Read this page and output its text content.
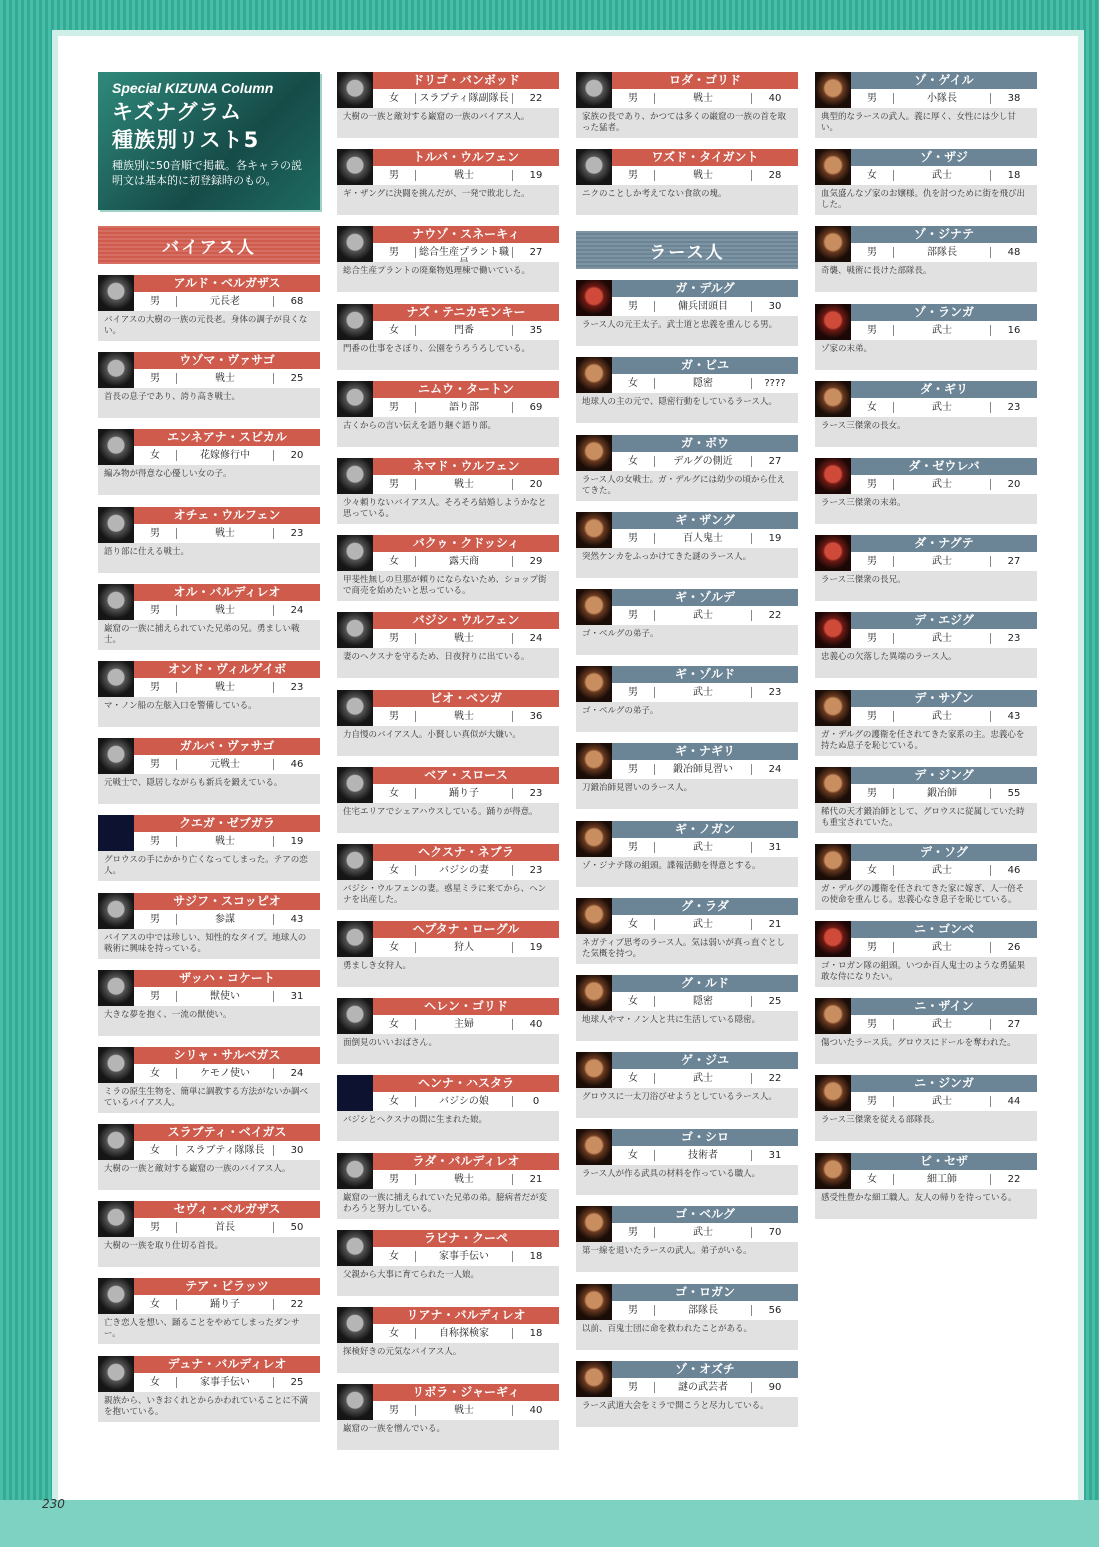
230
Special KIZUNA Column
キズナグラム
種族別リスト5
種族別に50音順で掲載。各キャラの説明文は基本的に初登録時のもの。
バイアス人
アルド・ベルガザス
男	元長老	68
バイアスの大樹の一族の元長老。身体の調子が良くない。
ウゾマ・ヴァサゴ
男	戦士	25
首長の息子であり、誇り高き戦士。
エンネアナ・スピカル
女	花嫁修行中	20
編み物が得意な心優しい女の子。
オチェ・ウルフェン
男	戦士	23
語り部に仕える戦士。
オル・バルディレオ
男	戦士	24
巌窟の一族に捕えられていた兄弟の兄。勇ましい戦士。
オンド・ヴィルゲイボ
男	戦士	23
マ・ノン船の左舷入口を警備している。
ガルバ・ヴァサゴ
男	元戦士	46
元戦士で、隠居しながらも新兵を鍛えている。
クエガ・ゼブガラ
男	戦士	19
グロウスの手にかかり亡くなってしまった。テアの恋人。
サジフ・スコッピオ
男	参謀	43
バイアスの中では珍しい、知性的なタイプ。地球人の戦術に興味を持っている。
ザッハ・コケート
男	獣使い	31
大きな夢を抱く、一流の獣使い。
シリャ・サルベガス
女	ケモノ使い	24
ミラの原生生物を、簡単に調教する方法がないか調べているバイアス人。
スラブティ・ベイガス
女	スラブティ隊隊長	30
大樹の一族と敵対する巌窟の一族のバイアス人。
セヴィ・ベルガザス
男	首長	50
大樹の一族を取り仕切る首長。
テア・ビラッツ
女	踊り子	22
亡き恋人を想い、踊ることをやめてしまったダンサー。
デュナ・バルディレオ
女	家事手伝い	25
親族から、いきおくれとからかわれていることに不満を抱いている。
ドリゴ・バンボッド
女	スラブティ隊副隊長	22
大樹の一族と敵対する巌窟の一族のバイアス人。
トルバ・ウルフェン
男	戦士	19
ギ・ザングに決闘を挑んだが、一発で敗北した。
ナウゾ・スネーキィ
男	総合生産プラント職	27
総合生産プラントの廃棄物処理棟で働いている。
ナズ・テニカモンキー
女	門番	35
門番の仕事をさぼり、公園をうろうろしている。
ニムウ・タートン
男	語り部	69
古くからの言い伝えを語り継ぐ語り部。
ネマド・ウルフェン
男	戦士	20
少々頼りないバイアス人。そろそろ結婚しようかなと思っている。
バクゥ・クドッシィ
女	露天商	29
甲斐性無しの旦那が頼りにならないため、ショップ街で商売を始めたいと思っている。
バジシ・ウルフェン
男	戦士	24
妻のヘクスナを守るため、日夜狩りに出ている。
ビオ・ベンガ
男	戦士	36
力自慢のバイアス人。小賢しい真似が大嫌い。
ベア・スロース
女	踊り子	23
住宅エリアでシェアハウスしている。踊りが得意。
ヘクスナ・ネブラ
女	バジシの妻	23
バジシ・ウルフェンの妻。惑星ミラに来てから、ヘンナを出産した。
ヘプタナ・ローグル
女	狩人	19
勇ましき女狩人。
ヘレン・ゴリド
女	主婦	40
面倒見のいいおばさん。
ヘンナ・ハスタラ
女	バジシの娘	0
バジシとヘクスナの間に生まれた娘。
ラダ・バルディレオ
男	戦士	21
巌窟の一族に捕えられていた兄弟の弟。臆病者だが変わろうと努力している。
ラビナ・クーペ
女	家事手伝い	18
父親から大事に育てられた一人娘。
リアナ・バルディレオ
女	自称探検家	18
探検好きの元気なバイアス人。
リボラ・ジャーギィ
男	戦士	40
巌窟の一族を憎んでいる。
ロダ・ゴリド
男	戦士	40
家族の長であり、かつては多くの巌窟の一族の首を取った猛者。
ワズド・タイガント
男	戦士	28
ニクのことしか考えてない食欲の塊。
ラース人
ガ・デルグ
男	傭兵団頭目	30
ラース人の元王太子。武士道と忠義を重んじる男。
ガ・ビユ
女	隠密	????
地球人の主の元で、隠密行動をしているラース人。
ガ・ボウ
女	デルグの側近	27
ラース人の女戦士。ガ・デルグには幼少の頃から仕えてきた。
ギ・ザング
男	百人鬼士	19
突然ケンカをふっかけてきた謎のラース人。
ギ・ゾルデ
男	武士	22
ゴ・ベルグの弟子。
ギ・ゾルド
男	武士	23
ゴ・ベルグの弟子。
ギ・ナギリ
男	鍛冶師見習い	24
刀鍛冶師見習いのラース人。
ギ・ノガン
男	武士	31
ゾ・ジナテ隊の組頭。諜報活動を得意とする。
グ・ラダ
女	武士	21
ネガティブ思考のラース人。気は弱いが真っ直ぐとした気概を持つ。
グ・ルド
女	隠密	25
地球人やマ・ノン人と共に生活している隠密。
ゲ・ジユ
女	武士	22
グロウスに一太刀浴びせようとしているラース人。
ゴ・シロ
女	技術者	31
ラース人が作る武具の材料を作っている職人。
ゴ・ベルグ
男	武士	70
第一線を退いたラースの武人。弟子がいる。
ゴ・ロガン
男	部隊長	56
以前、百鬼士団に命を救われたことがある。
ゾ・オズチ
男	謎の武芸者	90
ラース武道大会をミラで開こうと尽力している。
ゾ・ゲイル
男	小隊長	38
典型的なラースの武人。義に厚く、女性には少し甘い。
ゾ・ザジ
女	武士	18
血気盛んなゾ家のお嬢様。仇を討つために街を飛び出した。
ゾ・ジナテ
男	部隊長	48
奇襲、戦術に長けた部隊長。
ゾ・ランガ
男	武士	16
ゾ家の末弟。
ダ・ギリ
女	武士	23
ラース三傑衆の長女。
ダ・ゼウレバ
男	武士	20
ラース三傑衆の末弟。
ダ・ナグテ
男	武士	27
ラース三傑衆の長兄。
デ・エジグ
男	武士	23
忠義心の欠落した異端のラース人。
デ・サゾン
男	武士	43
ガ・デルグの護衛を任されてきた家系の主。忠義心を持たぬ息子を恥じている。
デ・ジング
男	鍛冶師	55
稀代の天才鍛冶師として、グロウスに従属していた時も重宝されていた。
デ・ソグ
女	武士	46
ガ・デルグの護衛を任されてきた家に嫁ぎ、人一倍その使命を重んじる。忠義心なき息子を恥じている。
ニ・ゴンベ
男	武士	26
ゴ・ロガン隊の組頭。いつか百人鬼士のような勇猛果敢な侍になりたい。
ニ・ザイン
男	武士	27
傷ついたラース兵。グロウスにドールを奪われた。
ニ・ジンガ
男	武士	44
ラース三傑衆を従える部隊長。
ビ・セザ
女	細工師	22
感受性豊かな細工職人。友人の帰りを待っている。
